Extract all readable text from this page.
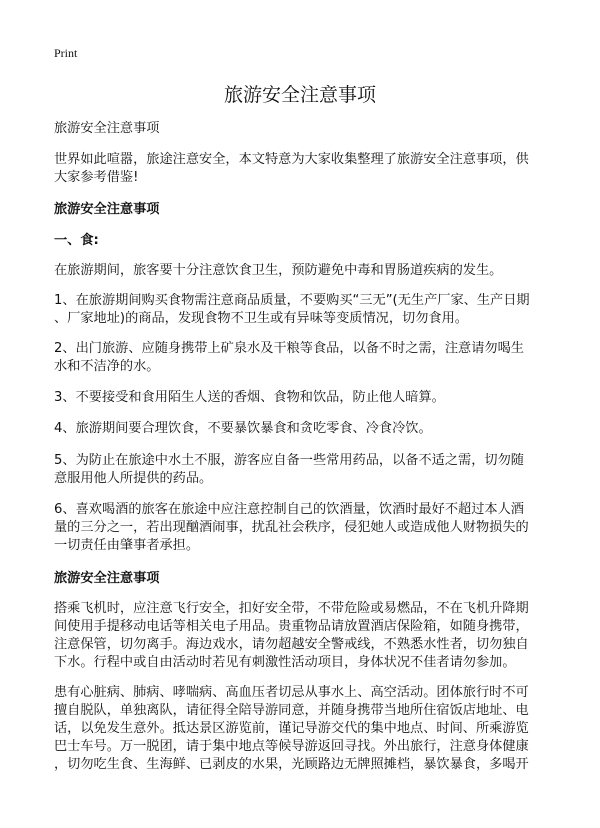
Print
旅游安全注意事项
旅游安全注意事项
世界如此喧嚣，旅途注意安全，本文特意为大家收集整理了旅游安全注意事项，供
大家参考借鉴!
旅游安全注意事项
一、食:
在旅游期间，旅客要十分注意饮食卫生，预防避免中毒和胃肠道疾病的发生。
1、在旅游期间购买食物需注意商品质量，不要购买“三无”(无生产厂家、生产日期
、厂家地址)的商品，发现食物不卫生或有异味等变质情况，切勿食用。
2、出门旅游、应随身携带上矿泉水及干粮等食品，以备不时之需，注意请勿喝生
水和不洁净的水。
3、不要接受和食用陌生人送的香烟、食物和饮品，防止他人暗算。
4、旅游期间要合理饮食，不要暴饮暴食和贪吃零食、冷食冷饮。
5、为防止在旅途中水土不服，游客应自备一些常用药品，以备不适之需，切勿随
意服用他人所提供的药品。
6、喜欢喝酒的旅客在旅途中应注意控制自己的饮酒量，饮酒时最好不超过本人酒
量的三分之一，若出现酗酒闹事，扰乱社会秩序，侵犯她人或造成他人财物损失的
一切责任由肇事者承担。
旅游安全注意事项
搭乘飞机时，应注意飞行安全，扣好安全带，不带危险或易燃品，不在飞机升降期
间使用手提移动电话等相关电子用品。贵重物品请放置酒店保险箱，如随身携带，
注意保管，切勿离手。海边戏水，请勿超越安全警戒线，不熟悉水性者，切勿独自
下水。行程中或自由活动时若见有刺激性活动项目，身体状况不佳者请勿参加。
患有心脏病、肺病、哮喘病、高血压者切忌从事水上、高空活动。团体旅行时不可
擅自脱队，单独离队，请征得全陪导游同意，并随身携带当地所住宿饭店地址、电
话，以免发生意外。抵达景区游览前，谨记导游交代的集中地点、时间、所乘游览
巴士车号。万一脱团，请于集中地点等候导游返回寻找。外出旅行，注意身体健康
，切勿吃生食、生海鲜、已剥皮的水果，光顾路边无牌照摊档，暴饮暴食，多喝开
